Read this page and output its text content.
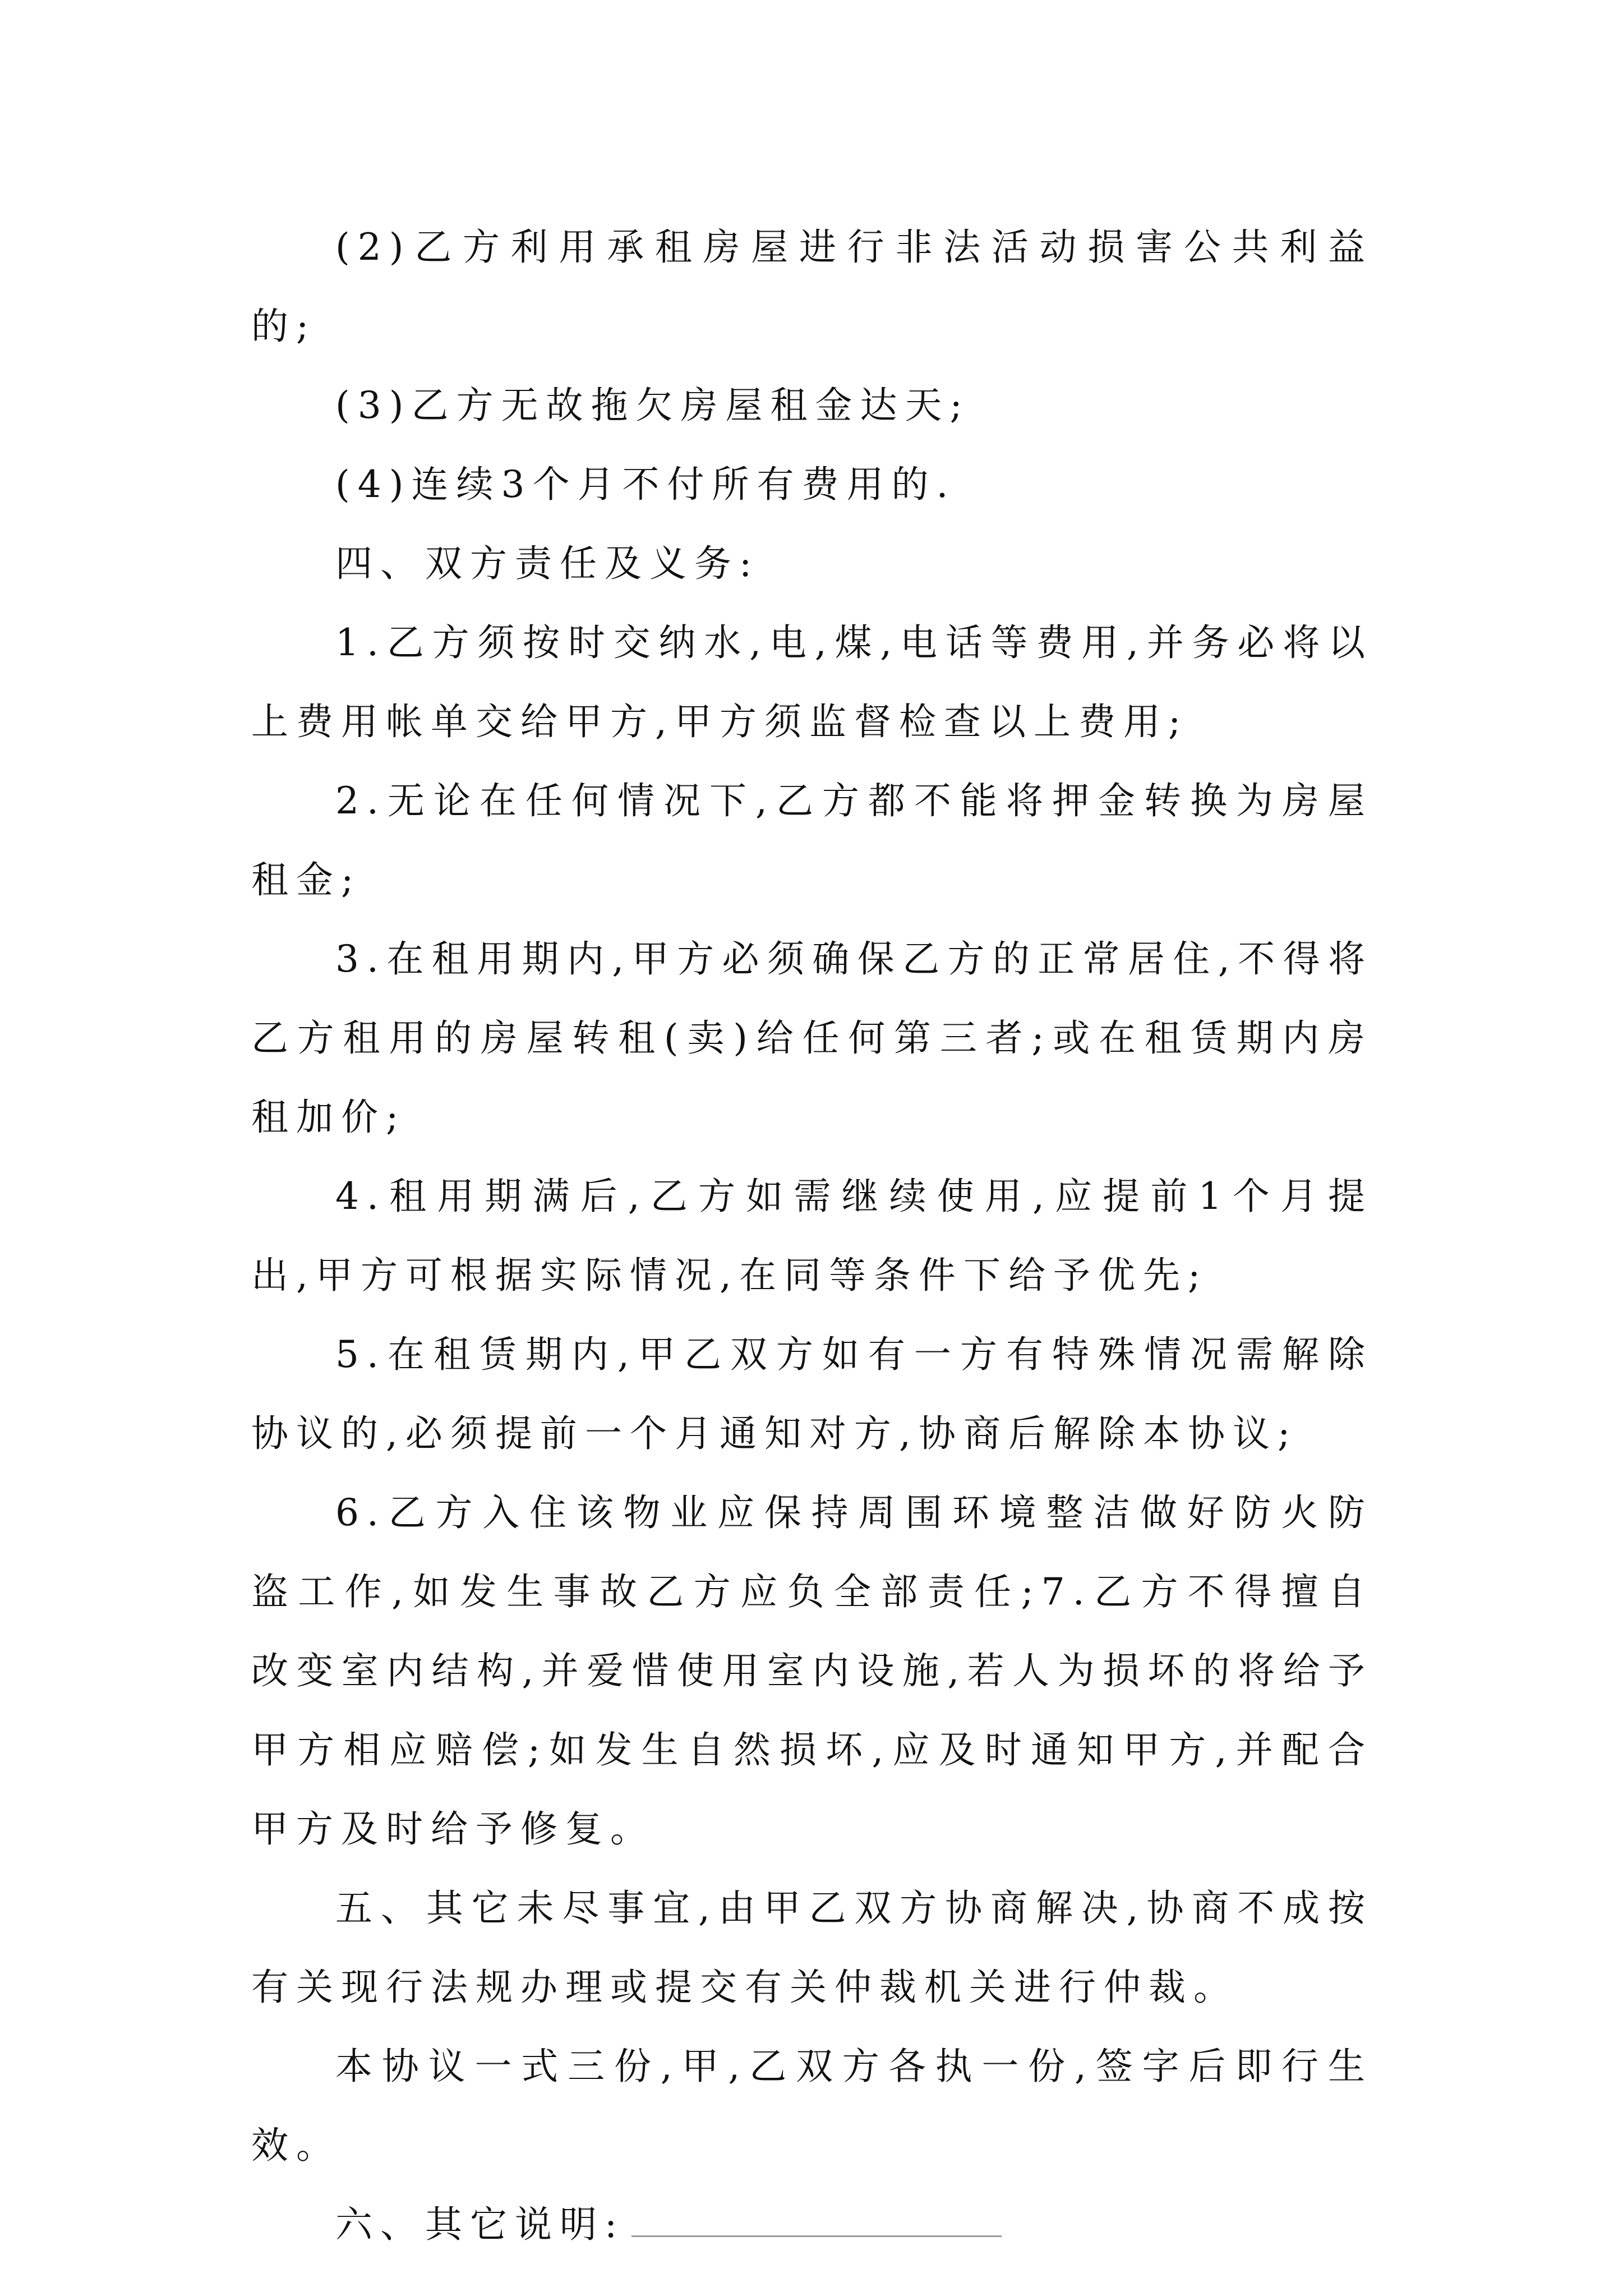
(2)乙方利用承租房屋进行非法活动损害公共利益的;

(3)乙方无故拖欠房屋租金达天;

(4)连续3个月不付所有费用的.

四、双方责任及义务:

1.乙方须按时交纳水,电,煤,电话等费用,并务必将以上费用帐单交给甲方,甲方须监督检查以上费用;

2.无论在任何情况下,乙方都不能将押金转换为房屋租金;

3.在租用期内,甲方必须确保乙方的正常居住,不得将乙方租用的房屋转租(卖)给任何第三者;或在租赁期内房租加价;

4.租用期满后,乙方如需继续使用,应提前1个月提出,甲方可根据实际情况,在同等条件下给予优先;

5.在租赁期内,甲乙双方如有一方有特殊情况需解除协议的,必须提前一个月通知对方,协商后解除本协议;

6.乙方入住该物业应保持周围环境整洁做好防火防盗工作,如发生事故乙方应负全部责任;7.乙方不得擅自改变室内结构,并爱惜使用室内设施,若人为损坏的将给予甲方相应赔偿;如发生自然损坏,应及时通知甲方,并配合甲方及时给予修复。

五、其它未尽事宜,由甲乙双方协商解决,协商不成按有关现行法规办理或提交有关仲裁机关进行仲裁。

本协议一式三份,甲,乙双方各执一份,签字后即行生效。

六、其它说明:
